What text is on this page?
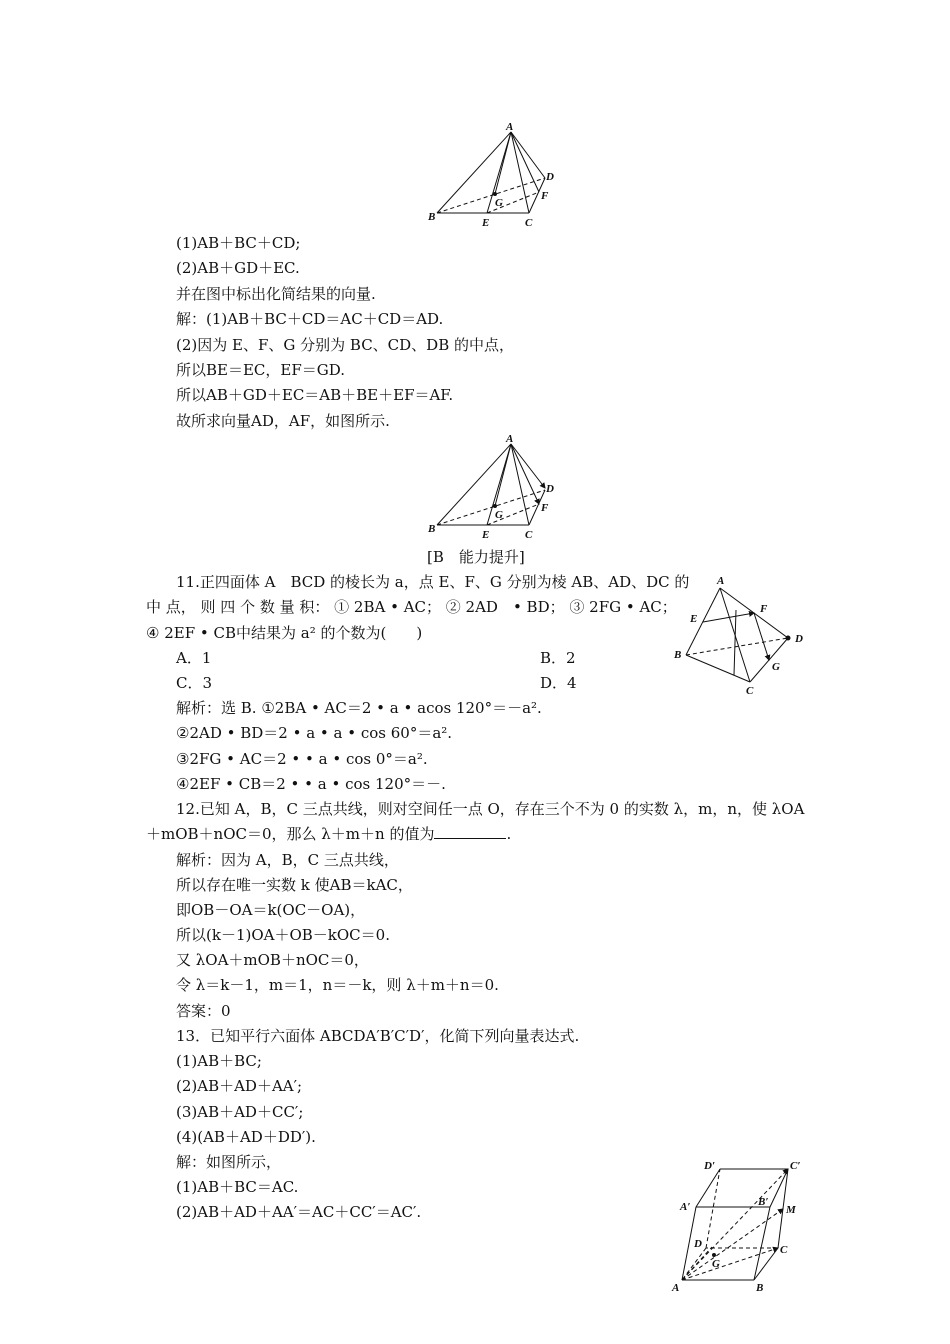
A
B	C
D
E
F
G
(1)AB＋BC＋CD;
(2)AB＋GD＋EC.
并在图中标出化简结果的向量.
解：(1)AB＋BC＋CD＝AC＋CD＝AD.
(2)因为 E、F、G 分别为 BC、CD、DB 的中点，
所以BE＝EC，EF＝GD.
所以AB＋GD＋EC＝AB＋BE＋EF＝AF.
故所求向量AD，AF，如图所示.
A
B	C
D
E
F
G
[B　能力提升]
11.正四面体 A　BCD 的棱长为 a，点 E、F、G 分别为棱 AB、AD、DC 的
中 点， 则 四 个 数 量 积： ① 2BA • AC； ② 2AD　• BD； ③ 2FG • AC；
④ 2EF • CB中结果为 a² 的个数为(　　)
A
B
C
D
E
F
G
A．1	B．2
C．3	D．4
解析：选 B. ①2BA • AC＝2 • a • acos 120°＝－a².
②2AD • BD＝2 • a • a • cos 60°＝a².
③2FG • AC＝2 • • a • cos 0°＝a².
④2EF • CB＝2 • • a • cos 120°＝－.
12.已知 A，B，C 三点共线，则对空间任一点 O，存在三个不为 0 的实数 λ，m，n，使 λOA
＋mOB＋nOC＝0，那么 λ＋m＋n 的值为	.
解析：因为 A，B，C 三点共线，
所以存在唯一实数 k 使AB＝kAC，
即OB－OA＝k(OC－OA)，
所以(k－1)OA＋OB－kOC＝0.
又 λOA＋mOB＋nOC＝0，
令 λ＝k－1，m＝1，n＝－k，则 λ＋m＋n＝0.
答案：0
13．已知平行六面体 ABCDA′B′C′D′，化简下列向量表达式.
(1)AB＋BC;
(2)AB＋AD＋AA′;
(3)AB＋AD＋CC′;
(4)(AB＋AD＋DD′).
解：如图所示，
(1)AB＋BC＝AC.
(2)AB＋AD＋AA′＝AC＋CC′＝AC′.
A	B
C
D
A′	B′
C′
D′
G
M
